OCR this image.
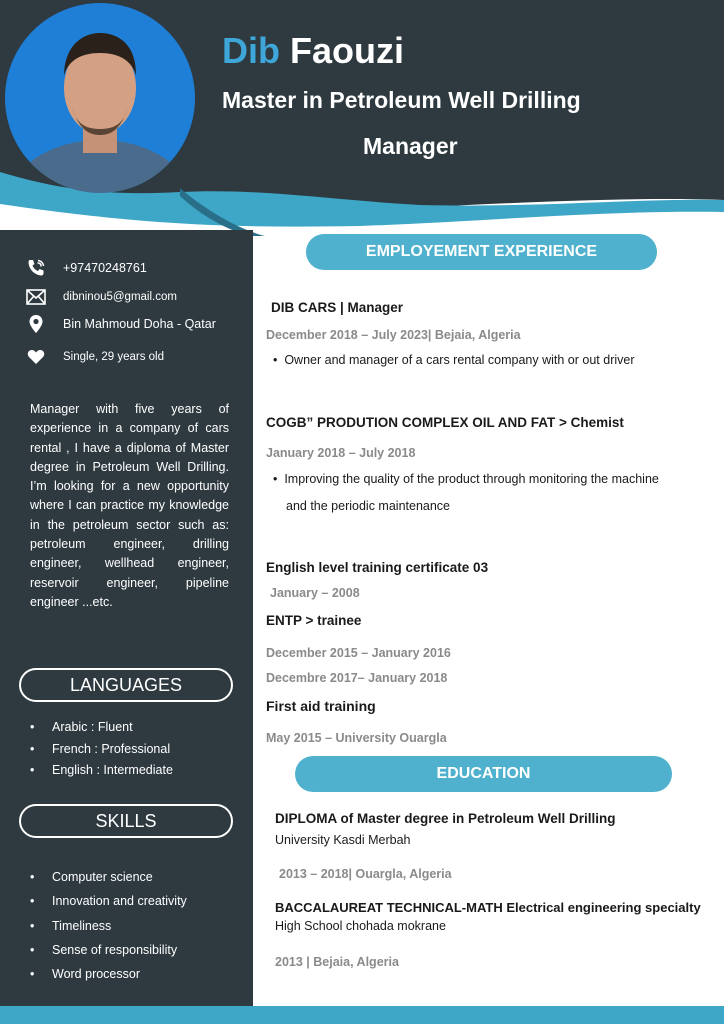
Dib Faouzi
Master in Petroleum Well Drilling
Manager
+97470248761
dibninou5@gmail.com
Bin Mahmoud Doha - Qatar
Single, 29 years old
Manager with five years of experience in a company of cars rental , I have a diploma of Master degree in Petroleum Well Drilling. I’m looking for a new opportunity where I can practice my knowledge in the petroleum sector such as: petroleum engineer, drilling engineer, wellhead engineer, reservoir engineer, pipeline engineer ...etc.
LANGUAGES
• Arabic : Fluent
• French : Professional
• English : Intermediate
SKILLS
• Computer science
• Innovation and creativity
• Timeliness
• Sense of responsibility
• Word processor
EMPLOYEMENT EXPERIENCE
DIB CARS | Manager
December 2018 – July 2023| Bejaia, Algeria
•  Owner and manager of a cars rental company with or out driver
COGB” PRODUTION COMPLEX OIL AND FAT > Chemist
January 2018 – July 2018
•  Improving the quality of the product through monitoring the machine
and the periodic maintenance
English level training certificate 03
January – 2008
ENTP > trainee
December 2015 – January 2016
Decembre 2017– January 2018
First aid training
May 2015 – University Ouargla
EDUCATION
DIPLOMA of Master degree in Petroleum Well Drilling
University Kasdi Merbah
2013 – 2018| Ouargla, Algeria
BACCALAUREAT TECHNICAL-MATH Electrical engineering specialty
High School chohada mokrane
2013 | Bejaia, Algeria
